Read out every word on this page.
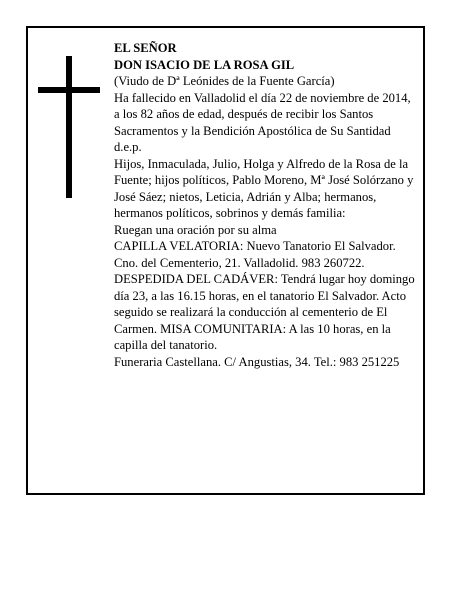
EL SEÑOR

DON ISACIO DE LA ROSA GIL

(Viudo de Dª Leónides de la Fuente García)

Ha fallecido en Valladolid el día 22 de noviembre de 2014, a los 82 años de edad, después de recibir los Santos Sacramentos y la Bendición Apostólica de Su Santidad

d.e.p.

Hijos, Inmaculada, Julio, Holga y Alfredo de la Rosa de la Fuente; hijos políticos, Pablo Moreno, Mª José Solórzano y José Sáez; nietos, Leticia, Adrián y Alba; hermanos, hermanos políticos, sobrinos y demás familia:

Ruegan una oración por su alma

CAPILLA VELATORIA: Nuevo Tanatorio El Salvador. Cno. del Cementerio, 21. Valladolid. 983 260722.

DESPEDIDA DEL CADÁVER: Tendrá lugar hoy domingo día 23, a las 16.15 horas, en el tanatorio El Salvador. Acto seguido se realizará la conducción al cementerio de El Carmen. MISA COMUNITARIA: A las 10 horas, en la capilla del tanatorio.

Funeraria Castellana. C/ Angustias, 34. Tel.: 983 251225
